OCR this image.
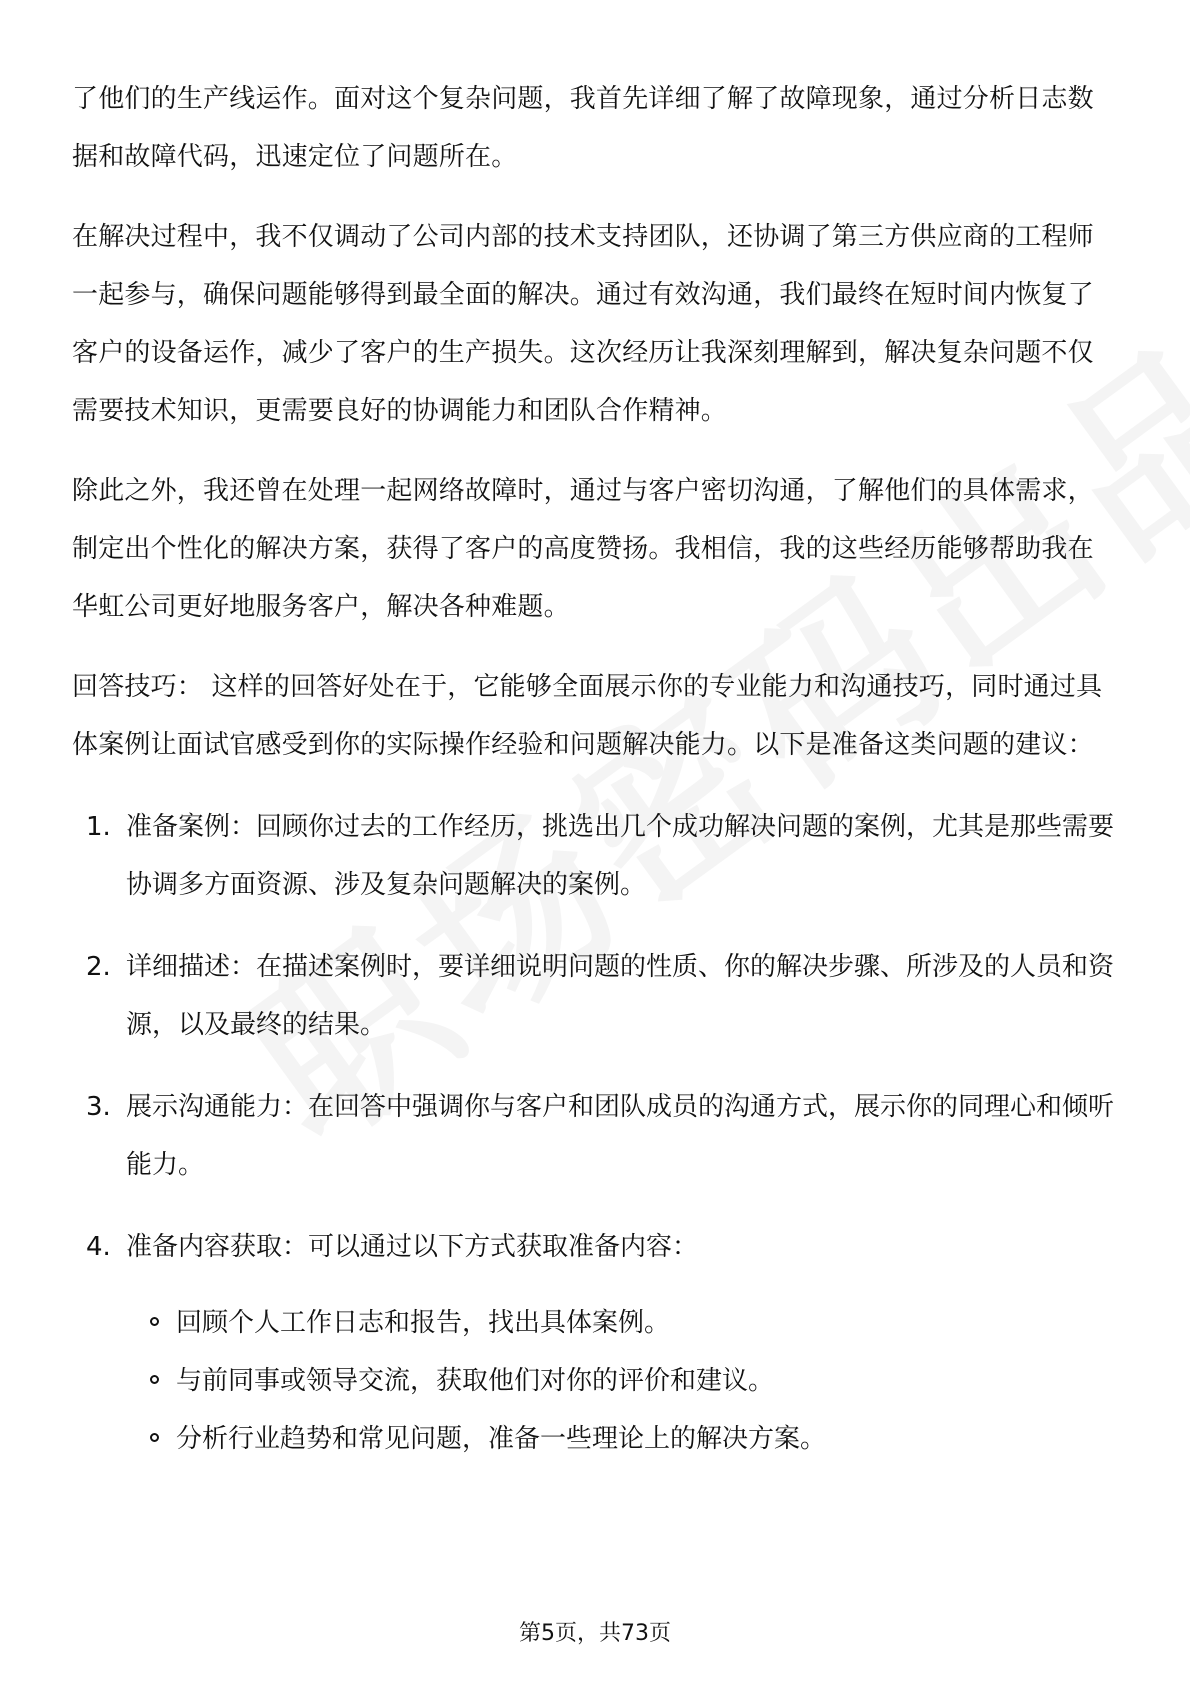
了他们的生产线运作。面对这个复杂问题，我首先详细了解了故障现象，通过分析日志数据和故障代码，迅速定位了问题所在。

在解决过程中，我不仅调动了公司内部的技术支持团队，还协调了第三方供应商的工程师一起参与，确保问题能够得到最全面的解决。通过有效沟通，我们最终在短时间内恢复了客户的设备运作，减少了客户的生产损失。这次经历让我深刻理解到，解决复杂问题不仅需要技术知识，更需要良好的协调能力和团队合作精神。

除此之外，我还曾在处理一起网络故障时，通过与客户密切沟通，了解他们的具体需求，制定出个性化的解决方案，获得了客户的高度赞扬。我相信，我的这些经历能够帮助我在华虹公司更好地服务客户，解决各种难题。

回答技巧： 这样的回答好处在于，它能够全面展示你的专业能力和沟通技巧，同时通过具体案例让面试官感受到你的实际操作经验和问题解决能力。以下是准备这类问题的建议：

1. 准备案例：回顾你过去的工作经历，挑选出几个成功解决问题的案例，尤其是那些需要协调多方面资源、涉及复杂问题解决的案例。
2. 详细描述：在描述案例时，要详细说明问题的性质、你的解决步骤、所涉及的人员和资源，以及最终的结果。
3. 展示沟通能力：在回答中强调你与客户和团队成员的沟通方式，展示你的同理心和倾听能力。
4. 准备内容获取：可以通过以下方式获取准备内容：
回顾个人工作日志和报告，找出具体案例。
与前同事或领导交流，获取他们对你的评价和建议。
分析行业趋势和常见问题，准备一些理论上的解决方案。
第5页，共73页
